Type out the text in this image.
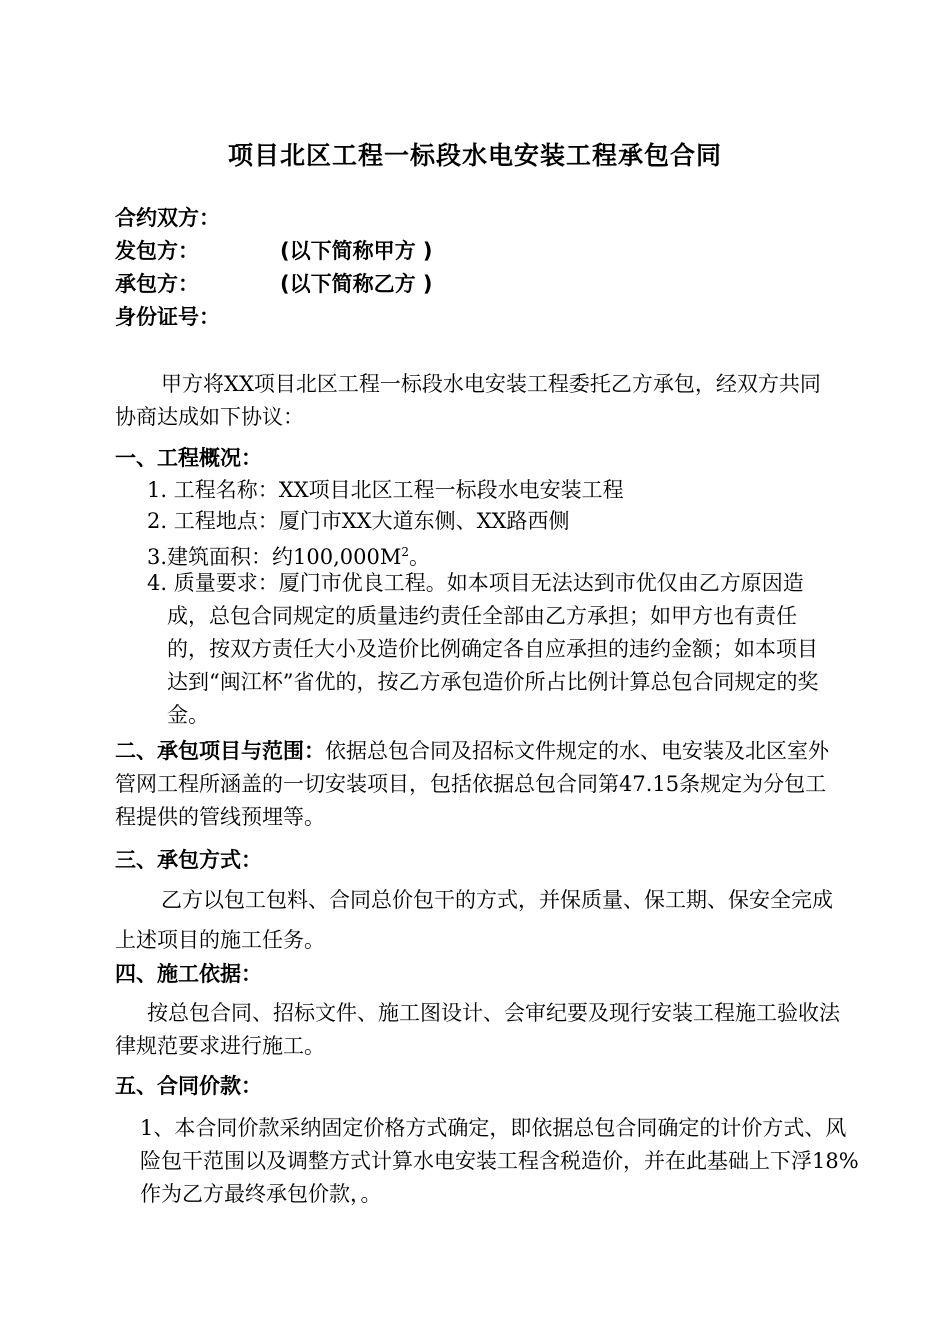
项目北区工程一标段水电安装工程承包合同
合约双方：
发包方：	(以下简称甲方 )
承包方：	(以下简称乙方 )
身份证号：
甲方将XX项目北区工程一标段水电安装工程委托乙方承包，经双方共同协商达成如下协议：
一、工程概况：
1. 工程名称：XX项目北区工程一标段水电安装工程
2. 工程地点：厦门市XX大道东侧、XX路西侧
3.建筑面积：约$100,000M^2$。
4. 质量要求：厦门市优良工程。如本项目无法达到市优仅由乙方原因造成，总包合同规定的质量违约责任全部由乙方承担；如甲方也有责任的，按双方责任大小及造价比例确定各自应承担的违约金额；如本项目达到“闽江杯”省优的，按乙方承包造价所占比例计算总包合同规定的奖金。
二、承包项目与范围：依据总包合同及招标文件规定的水、电安装及北区室外管网工程所涵盖的一切安装项目，包括依据总包合同第47.15条规定为分包工程提供的管线预埋等。
三、承包方式：
乙方以包工包料、合同总价包干的方式，并保质量、保工期、保安全完成上述项目的施工任务。
四、施工依据：
按总包合同、招标文件、施工图设计、会审纪要及现行安装工程施工验收法律规范要求进行施工。
五、合同价款：
1、本合同价款采纳固定价格方式确定，即依据总包合同确定的计价方式、风险包干范围以及调整方式计算水电安装工程含税造价，并在此基础上下浮18%作为乙方最终承包价款，。
